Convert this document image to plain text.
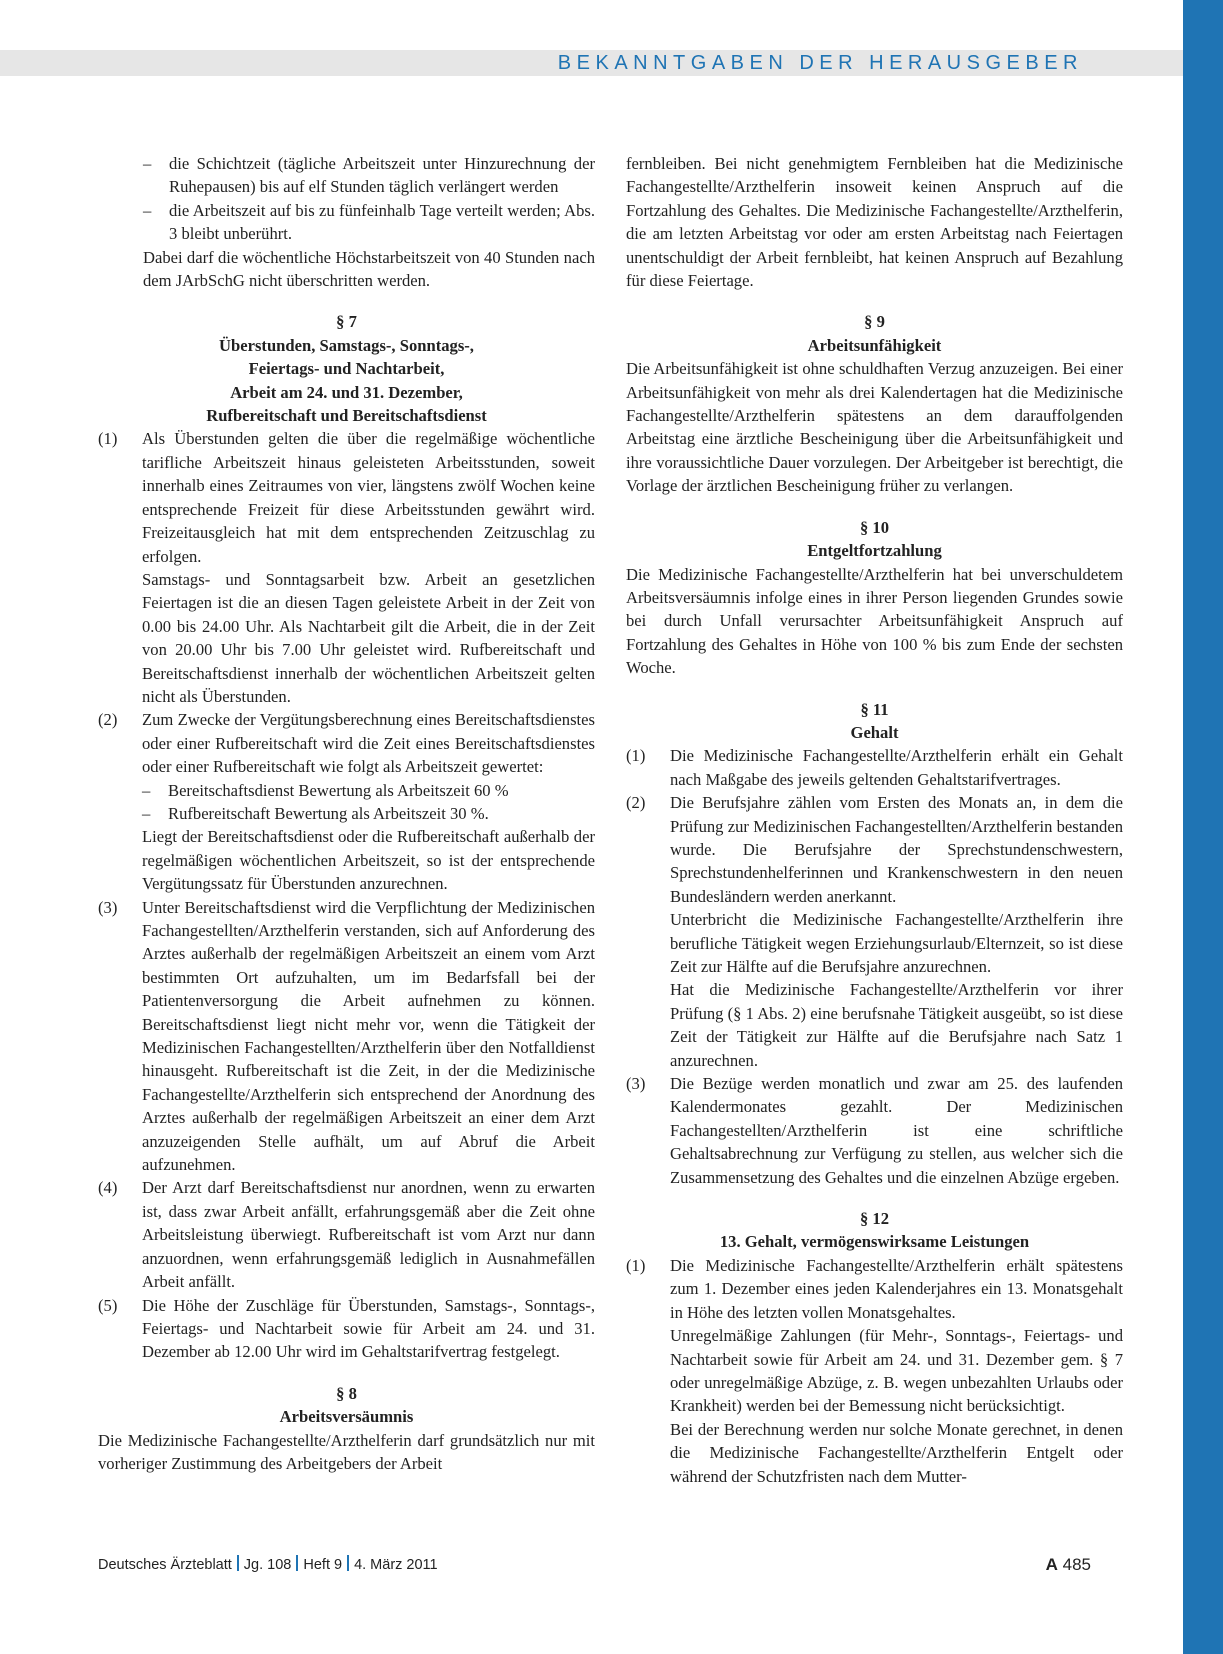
BEKANNTGABEN DER HERAUSGEBER
–	die Schichtzeit (tägliche Arbeitszeit unter Hinzurechnung der Ruhepausen) bis auf elf Stunden täglich verlängert werden
–	die Arbeitszeit auf bis zu fünfeinhalb Tage verteilt werden; Abs. 3 bleibt unberührt.

Dabei darf die wöchentliche Höchstarbeitszeit von 40 Stunden nach dem JArbSchG nicht überschritten werden.

§ 7
Überstunden, Samstags-, Sonntags-,
Feiertags- und Nachtarbeit,
Arbeit am 24. und 31. Dezember,
Rufbereitschaft und Bereitschaftsdienst
(1)	Als Überstunden gelten die über die regelmäßige wöchentliche tarifliche Arbeitszeit hinaus geleisteten Arbeitsstunden, soweit innerhalb eines Zeitraumes von vier, längstens zwölf Wochen keine entsprechende Freizeit für diese Arbeitsstunden gewährt wird. Freizeitausgleich hat mit dem entsprechenden Zeitzuschlag zu erfolgen.

Samstags- und Sonntagsarbeit bzw. Arbeit an gesetzlichen Feiertagen ist die an diesen Tagen geleistete Arbeit in der Zeit von 0.00 bis 24.00 Uhr. Als Nachtarbeit gilt die Arbeit, die in der Zeit von 20.00 Uhr bis 7.00 Uhr geleistet wird. Rufbereitschaft und Bereitschaftsdienst innerhalb der wöchentlichen Arbeitszeit gelten nicht als Überstunden.

(2)	Zum Zwecke der Vergütungsberechnung eines Bereitschaftsdienstes oder einer Rufbereitschaft wird die Zeit eines Bereitschaftsdienstes oder einer Rufbereitschaft wie folgt als Arbeitszeit gewertet:

–	Bereitschaftsdienst Bewertung als Arbeitszeit 60 %
–	Rufbereitschaft Bewertung als Arbeitszeit 30 %.

Liegt der Bereitschaftsdienst oder die Rufbereitschaft außerhalb der regelmäßigen wöchentlichen Arbeitszeit, so ist der entsprechende Vergütungssatz für Überstunden anzurechnen.

(3)	Unter Bereitschaftsdienst wird die Verpflichtung der Medizinischen Fachangestellten/Arzthelferin verstanden, sich auf Anforderung des Arztes außerhalb der regelmäßigen Arbeitszeit an einem vom Arzt bestimmten Ort aufzuhalten, um im Bedarfsfall bei der Patientenversorgung die Arbeit aufnehmen zu können. Bereitschaftsdienst liegt nicht mehr vor, wenn die Tätigkeit der Medizinischen Fachangestellten/Arzthelferin über den Notfalldienst hinausgeht. Rufbereitschaft ist die Zeit, in der die Medizinische Fachangestellte/Arzthelferin sich entsprechend der Anordnung des Arztes außerhalb der regelmäßigen Arbeitszeit an einer dem Arzt anzuzeigenden Stelle aufhält, um auf Abruf die Arbeit aufzunehmen.

(4)	Der Arzt darf Bereitschaftsdienst nur anordnen, wenn zu erwarten ist, dass zwar Arbeit anfällt, erfahrungsgemäß aber die Zeit ohne Arbeitsleistung überwiegt. Rufbereitschaft ist vom Arzt nur dann anzuordnen, wenn erfahrungsgemäß lediglich in Ausnahmefällen Arbeit anfällt.

(5)	Die Höhe der Zuschläge für Überstunden, Samstags-, Sonntags-, Feiertags- und Nachtarbeit sowie für Arbeit am 24. und 31. Dezember ab 12.00 Uhr wird im Gehaltstarifvertrag festgelegt.

§ 8
Arbeitsversäumnis

Die Medizinische Fachangestellte/Arzthelferin darf grundsätzlich nur mit vorheriger Zustimmung des Arbeitgebers der Arbeit

fernbleiben. Bei nicht genehmigtem Fernbleiben hat die Medizinische Fachangestellte/Arzthelferin insoweit keinen Anspruch auf die Fortzahlung des Gehaltes. Die Medizinische Fachangestellte/Arzthelferin, die am letzten Arbeitstag vor oder am ersten Arbeitstag nach Feiertagen unentschuldigt der Arbeit fernbleibt, hat keinen Anspruch auf Bezahlung für diese Feiertage.

§ 9
Arbeitsunfähigkeit

Die Arbeitsunfähigkeit ist ohne schuldhaften Verzug anzuzeigen. Bei einer Arbeitsunfähigkeit von mehr als drei Kalendertagen hat die Medizinische Fachangestellte/Arzthelferin spätestens an dem darauffolgenden Arbeitstag eine ärztliche Bescheinigung über die Arbeitsunfähigkeit und ihre voraussichtliche Dauer vorzulegen. Der Arbeitgeber ist berechtigt, die Vorlage der ärztlichen Bescheinigung früher zu verlangen.

§ 10
Entgeltfortzahlung

Die Medizinische Fachangestellte/Arzthelferin hat bei unverschuldetem Arbeitsversäumnis infolge eines in ihrer Person liegenden Grundes sowie bei durch Unfall verursachter Arbeitsunfähigkeit Anspruch auf Fortzahlung des Gehaltes in Höhe von 100 % bis zum Ende der sechsten Woche.

§ 11
Gehalt
(1)	Die Medizinische Fachangestellte/Arzthelferin erhält ein Gehalt nach Maßgabe des jeweils geltenden Gehaltstarifvertrages.

(2)	Die Berufsjahre zählen vom Ersten des Monats an, in dem die Prüfung zur Medizinischen Fachangestellten/Arzthelferin bestanden wurde. Die Berufsjahre der Sprechstundenschwestern, Sprechstundenhelferinnen und Krankenschwestern in den neuen Bundesländern werden anerkannt.

Unterbricht die Medizinische Fachangestellte/Arzthelferin ihre berufliche Tätigkeit wegen Erziehungsurlaub/Elternzeit, so ist diese Zeit zur Hälfte auf die Berufsjahre anzurechnen.

Hat die Medizinische Fachangestellte/Arzthelferin vor ihrer Prüfung (§ 1 Abs. 2) eine berufsnahe Tätigkeit ausgeübt, so ist diese Zeit der Tätigkeit zur Hälfte auf die Berufsjahre nach Satz 1 anzurechnen.

(3)	Die Bezüge werden monatlich und zwar am 25. des laufenden Kalendermonates gezahlt. Der Medizinischen Fachangestellten/Arzthelferin ist eine schriftliche Gehaltsabrechnung zur Verfügung zu stellen, aus welcher sich die Zusammensetzung des Gehaltes und die einzelnen Abzüge ergeben.

§ 12
13. Gehalt, vermögenswirksame Leistungen
(1)	Die Medizinische Fachangestellte/Arzthelferin erhält spätestens zum 1. Dezember eines jeden Kalenderjahres ein 13. Monatsgehalt in Höhe des letzten vollen Monatsgehaltes.

Unregelmäßige Zahlungen (für Mehr-, Sonntags-, Feiertags- und Nachtarbeit sowie für Arbeit am 24. und 31. Dezember gem. § 7 oder unregelmäßige Abzüge, z. B. wegen unbezahlten Urlaubs oder Krankheit) werden bei der Bemessung nicht berücksichtigt.

Bei der Berechnung werden nur solche Monate gerechnet, in denen die Medizinische Fachangestellte/Arzthelferin Entgelt oder während der Schutzfristen nach dem Mutter-

Deutsches Ärzteblatt Jg. 108 Heft 9 4. März 2011	A 485
